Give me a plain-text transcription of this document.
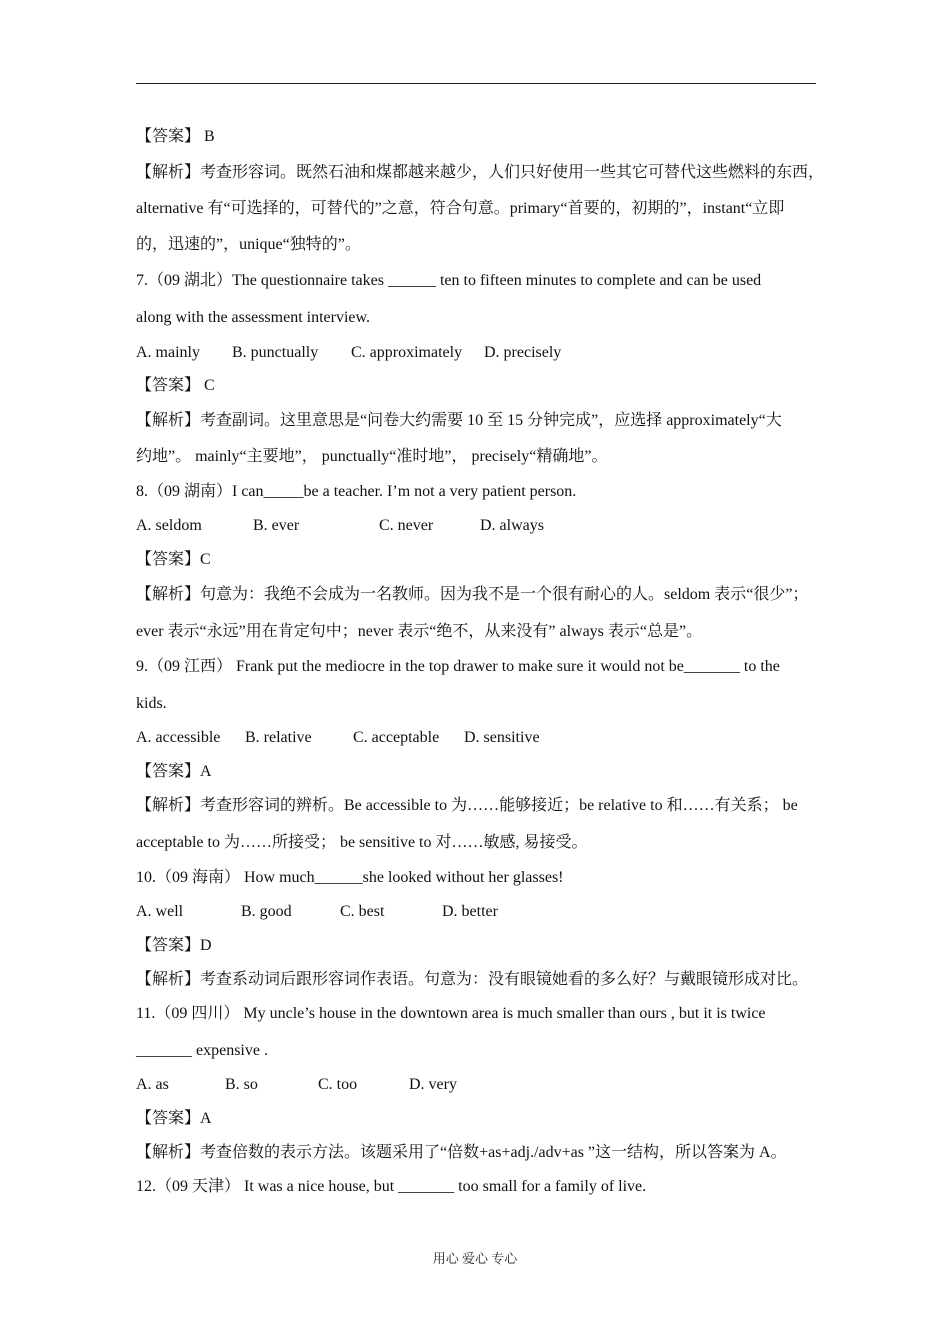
【答案】 B
【解析】考查形容词。既然石油和煤都越来越少，人们只好使用一些其它可替代这些燃料的东西，
alternative 有“可选择的，可替代的”之意，符合句意。primary“首要的，初期的”，instant“立即
的，迅速的”，unique“独特的”。
7.（09 湖北）The questionnaire takes ______ ten to fifteen minutes to complete and can be used
along with the assessment interview.
A. mainly B. punctually C. approximately D. precisely
【答案】 C
【解析】考查副词。这里意思是“问卷大约需要 10 至 15 分钟完成”，应选择 approximately“大
约地”。 mainly“主要地”， punctually“准时地”， precisely“精确地”。
8.（09 湖南）I can_____be a teacher. I’m not a very patient person.
A. seldom	B. ever	C. never	D. always
【答案】C
【解析】句意为：我绝不会成为一名教师。因为我不是一个很有耐心的人。seldom 表示“很少”；
ever 表示“永远”用在肯定句中；never 表示“绝不，从来没有” always 表示“总是”。
9.（09 江西） Frank put the mediocre in the top drawer to make sure it would not be_______ to the
kids.
A. accessible B. relative	C. acceptable D. sensitive
【答案】A
【解析】考查形容词的辨析。Be accessible to 为……能够接近；be relative to 和……有关系； be
acceptable to 为……所接受； be sensitive to 对……敏感, 易接受。
10.（09 海南） How much______she looked without her glasses!
A. well	B. good	C. best	D. better
【答案】D
【解析】考查系动词后跟形容词作表语。句意为：没有眼镜她看的多么好？与戴眼镜形成对比。
11.（09 四川） My uncle’s house in the downtown area is much smaller than ours , but it is twice
_______ expensive .
A. as	B. so	C. too	D. very
【答案】A
【解析】考查倍数的表示方法。该题采用了“倍数+as+adj./adv+as ”这一结构，所以答案为 A。
12.（09 天津） It was a nice house, but _______ too small for a family of live.
用心 爱心 专心
